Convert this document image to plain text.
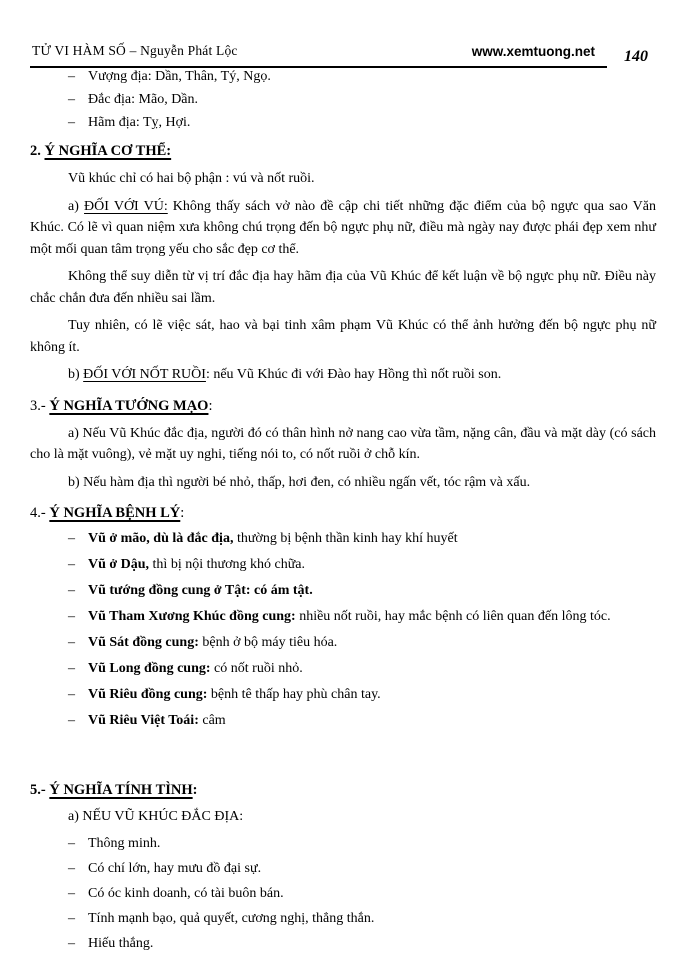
TỬ VI HÀM SỐ – Nguyễn Phát Lộc	www.xemtuong.net 140
– Vượng địa: Dần, Thân, Tý, Ngọ.
– Đắc địa: Mão, Dần.
– Hãm địa: Tỵ, Hợi.
2. Ý NGHĨA CƠ THỂ:

Vũ khúc chỉ có hai bộ phận : vú và nốt ruồi.

a) ĐỐI VỚI VÚ: Không thấy sách vở nào đề cập chi tiết những đặc điểm của bộ ngực qua sao Văn Khúc. Có lẽ vì quan niệm xưa không chú trọng đến bộ ngực phụ nữ, điều mà ngày nay được phái đẹp xem như một mối quan tâm trọng yếu cho sắc đẹp cơ thể.

Không thể suy diễn từ vị trí đắc địa hay hãm địa của Vũ Khúc để kết luận về bộ ngực phụ nữ. Điều này chắc chắn đưa đến nhiều sai lầm.

Tuy nhiên, có lẽ việc sát, hao và bại tinh xâm phạm Vũ Khúc có thể ảnh hưởng đến bộ ngực phụ nữ không ít.

b) ĐỐI VỚI NỐT RUỒI: nếu Vũ Khúc đi với Đào hay Hồng thì nốt ruồi son.

3.- Ý NGHĨA TƯỚNG MẠO:

a) Nếu Vũ Khúc đắc địa, người đó có thân hình nở nang cao vừa tầm, nặng cân, đầu và mặt dày (có sách cho là mặt vuông), vẻ mặt uy nghi, tiếng nói to, có nốt ruồi ở chỗ kín.

b) Nếu hàm địa thì người bé nhỏ, thấp, hơi đen, có nhiều ngấn vết, tóc rậm và xấu.

4.- Ý NGHĨA BỆNH LÝ:
– Vũ ở mão, dù là đắc địa, thường bị bệnh thần kinh hay khí huyết
– Vũ ở Dậu, thì bị nội thương khó chữa.
– Vũ tướng đồng cung ở Tật: có ám tật.
– Vũ Tham Xương Khúc đồng cung: nhiều nốt ruồi, hay mắc bệnh có liên quan đến lông tóc.
– Vũ Sát đồng cung: bệnh ở bộ máy tiêu hóa.
– Vũ Long đồng cung: có nốt ruồi nhỏ.
– Vũ Riêu đồng cung: bệnh tê thấp hay phù chân tay.
– Vũ Riêu Việt Toái: câm
5.- Ý NGHĨA TÍNH TÌNH:

a) NẾU VŨ KHÚC ĐẮC ĐỊA:

– Thông minh.
– Có chí lớn, hay mưu đồ đại sự.
– Có óc kinh doanh, có tài buôn bán.
– Tính mạnh bạo, quả quyết, cương nghị, thẳng thắn.
– Hiếu thắng.
